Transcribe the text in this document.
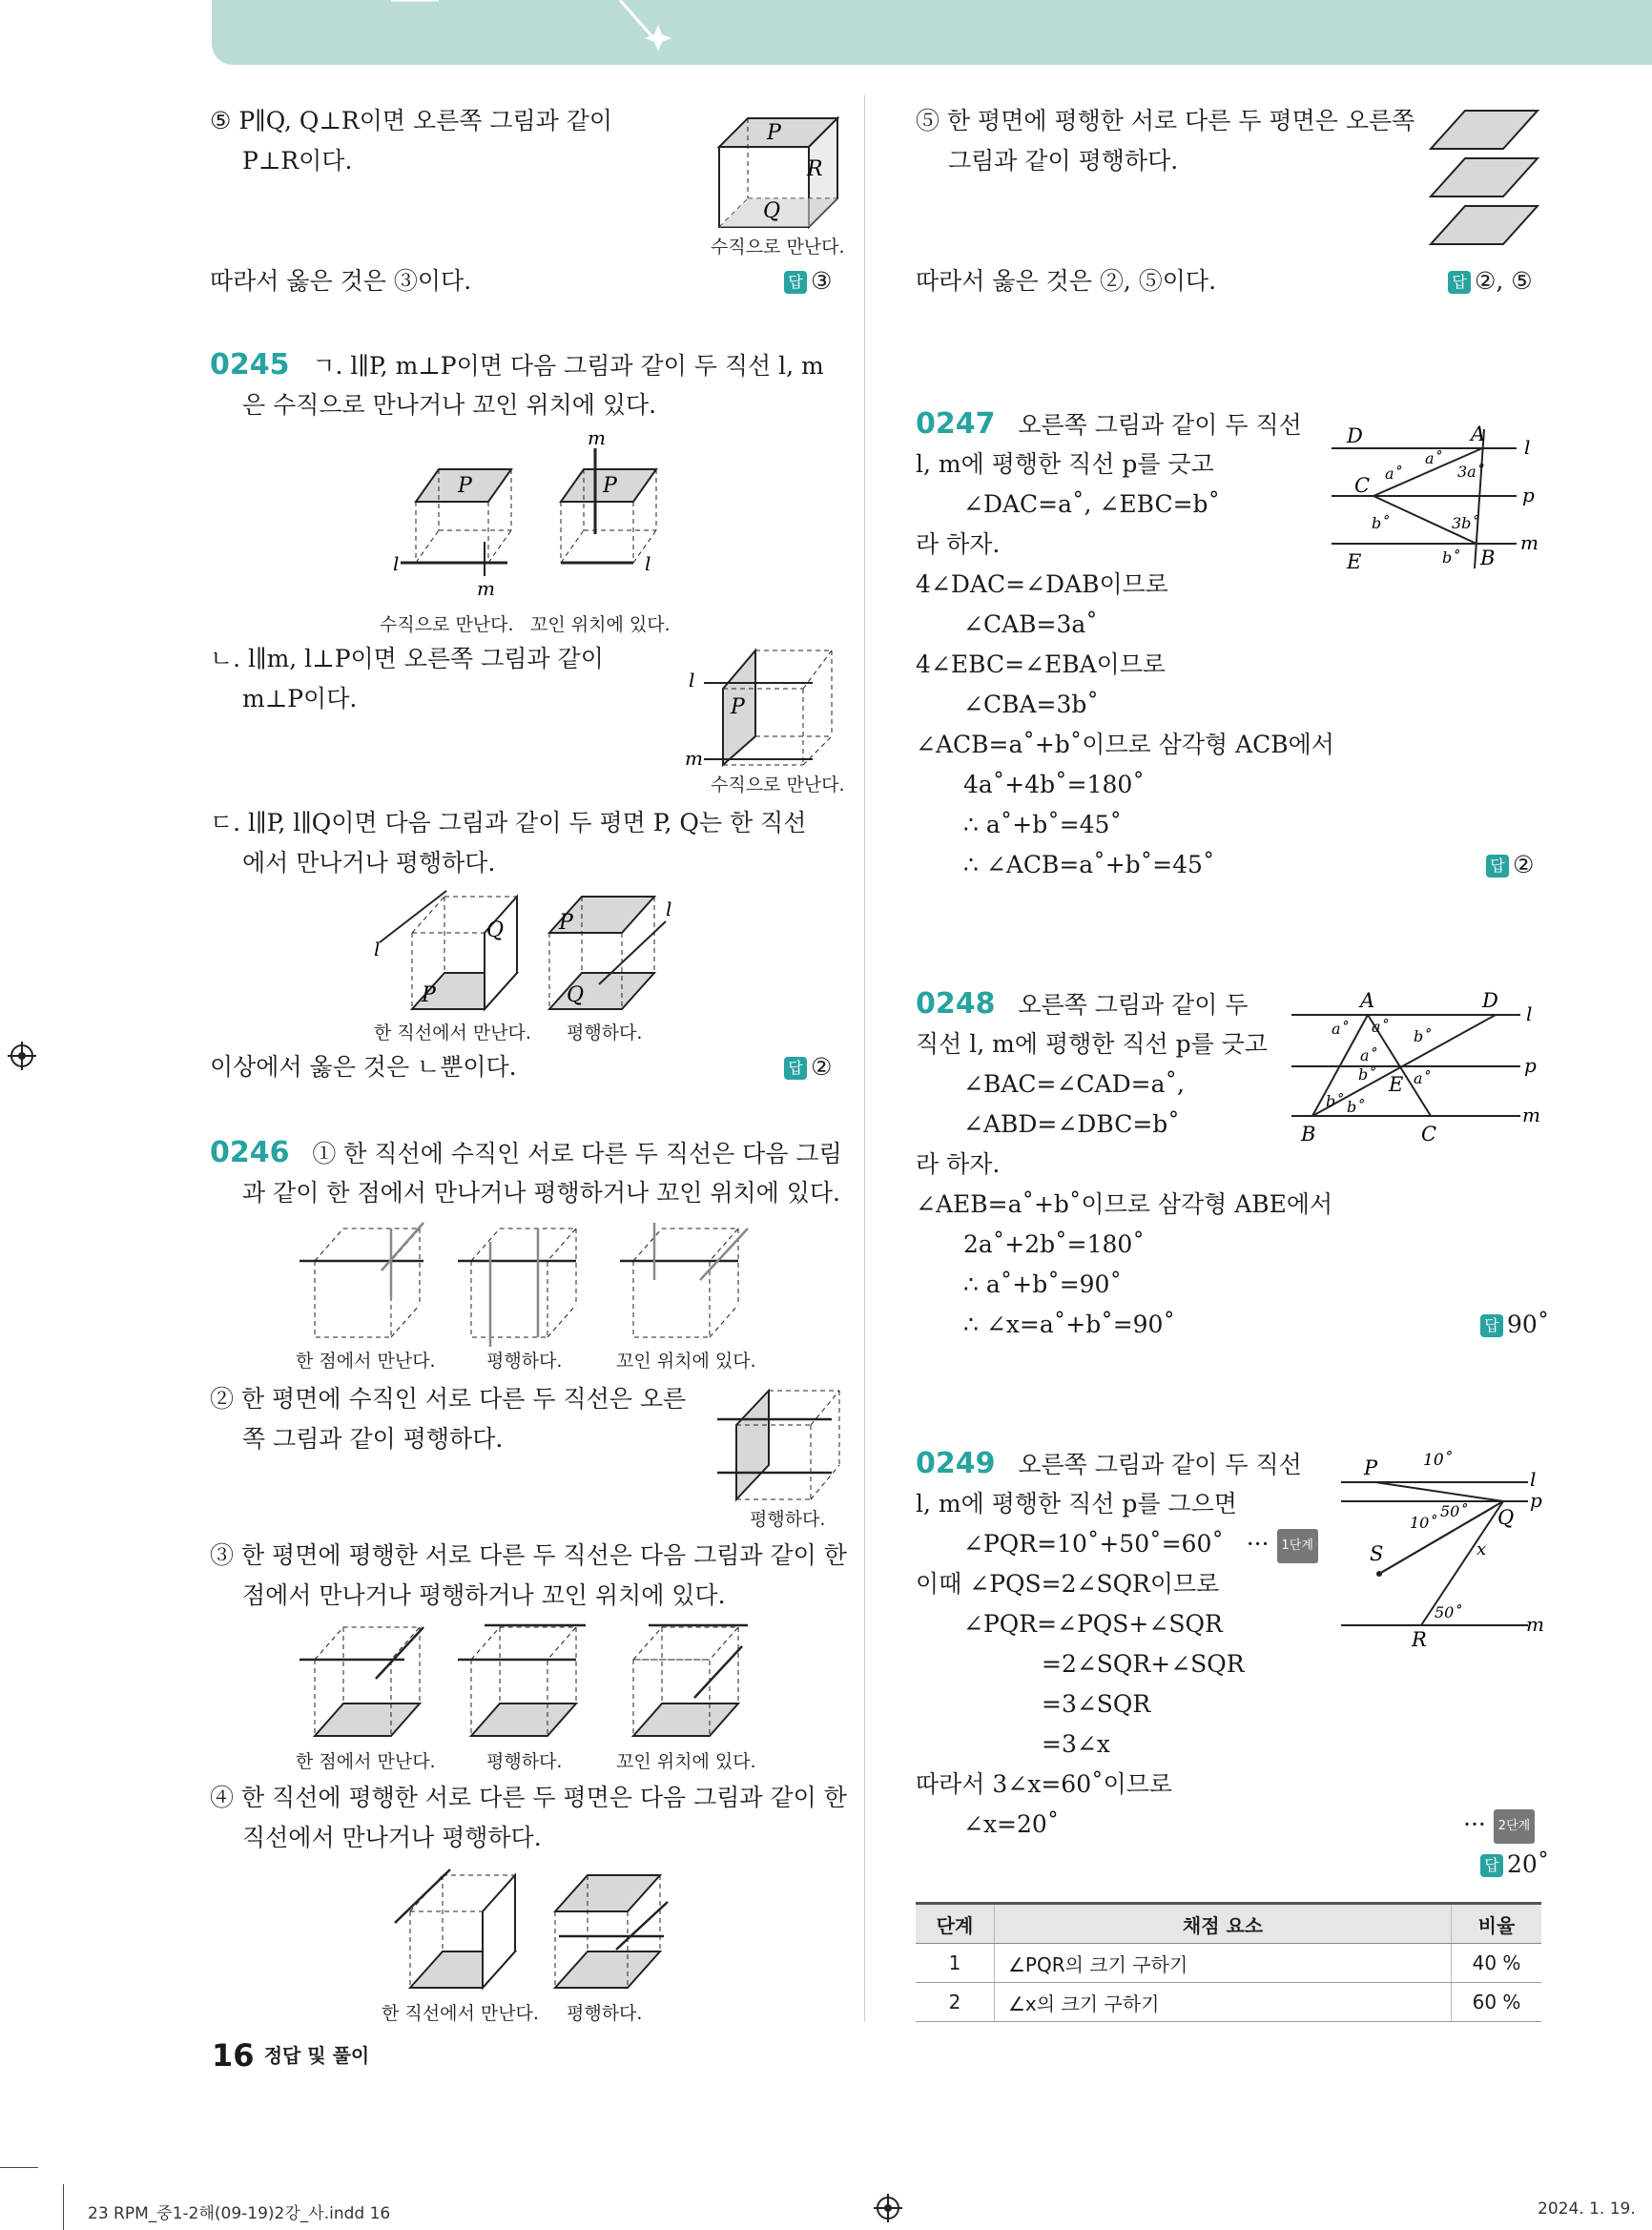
⑤ P∥Q, Q⊥R이면 오른쪽 그림과 같이
P⊥R이다.
P
R
Q
수직으로 만난다.
따라서 옳은 것은 ③이다.	답 ③
0245 ㄱ. l∥P, m⊥P이면 다음 그림과 같이 두 직선 l, m
은 수직으로 만나거나 꼬인 위치에 있다.
P
l
m
P
m
l
수직으로 만난다. 꼬인 위치에 있다.
ㄴ. l∥m, l⊥P이면 오른쪽 그림과 같이
m⊥P이다.	P
l
m
수직으로 만난다.
ㄷ. l∥P, l∥Q이면 다음 그림과 같이 두 평면 P, Q는 한 직선
에서 만나거나 평행하다.
P
Q
l
P
Q
l
한 직선에서 만난다. 평행하다.
이상에서 옳은 것은 ㄴ뿐이다.	답 ②
0246 ① 한 직선에 수직인 서로 다른 두 직선은 다음 그림
과 같이 한 점에서 만나거나 평행하거나 꼬인 위치에 있다.
한 점에서 만난다.	평행하다.	꼬인 위치에 있다.
② 한 평면에 수직인 서로 다른 두 직선은 오른
쪽 그림과 같이 평행하다.
평행하다.
③ 한 평면에 평행한 서로 다른 두 직선은 다음 그림과 같이 한
점에서 만나거나 평행하거나 꼬인 위치에 있다.
한 점에서 만난다.	평행하다.	꼬인 위치에 있다.
④ 한 직선에 평행한 서로 다른 두 평면은 다음 그림과 같이 한
직선에서 만나거나 평행하다.
한 직선에서 만난다. 평행하다.
16 정답 및 풀이
⑤ 한 평면에 평행한 서로 다른 두 평면은 오른쪽
그림과 같이 평행하다.
따라서 옳은 것은 ②, ⑤이다.	답 ②, ⑤
0247 오른쪽 그림과 같이 두 직선
l, m에 평행한 직선 p를 긋고
∠DAC=a˚, ∠EBC=b˚
라 하자.
4∠DAC=∠DAB이므로
∠CAB=3a˚
4∠EBC=∠EBA이므로
∠CBA=3b˚
∠ACB=a˚+b˚이므로 삼각형 ACB에서
4a˚+4b˚=180˚
∴ a˚+b˚=45˚
∴ ∠ACB=a˚+b˚=45˚	답 ②
D	A
C
E	B
l
p
m
a˚
a˚
3a˚
b˚	3b˚
b˚
0248 오른쪽 그림과 같이 두
직선 l, m에 평행한 직선 p를 긋고
∠BAC=∠CAD=a˚,
∠ABD=∠DBC=b˚
라 하자.
∠AEB=a˚+b˚이므로 삼각형 ABE에서
2a˚+2b˚=180˚
∴ a˚+b˚=90˚
∴ ∠x=a˚+b˚=90˚	답 90˚
A	D
B	C
E
l
p
m
a˚ a˚
b˚
a˚
b˚ a˚
b˚ b˚
0249 오른쪽 그림과 같이 두 직선
l, m에 평행한 직선 p를 그으면
∠PQR=10˚+50˚=60˚   ··· 1단계
이때 ∠PQS=2∠SQR이므로
∠PQR=∠PQS+∠SQR
=2∠SQR+∠SQR
=3∠SQR
=3∠x
따라서 3∠x=60˚이므로
∠x=20˚	··· 2단계
답 20˚
P	10˚
l
p
10˚
50˚ Q
S	x
50˚
R
m
단계	채점 요소	비율
1	∠PQR의 크기 구하기	40 %
2	∠x의 크기 구하기	60 %
23 RPM_중1-2해(09-19)2강_사.indd 16	2024. 1. 19.
